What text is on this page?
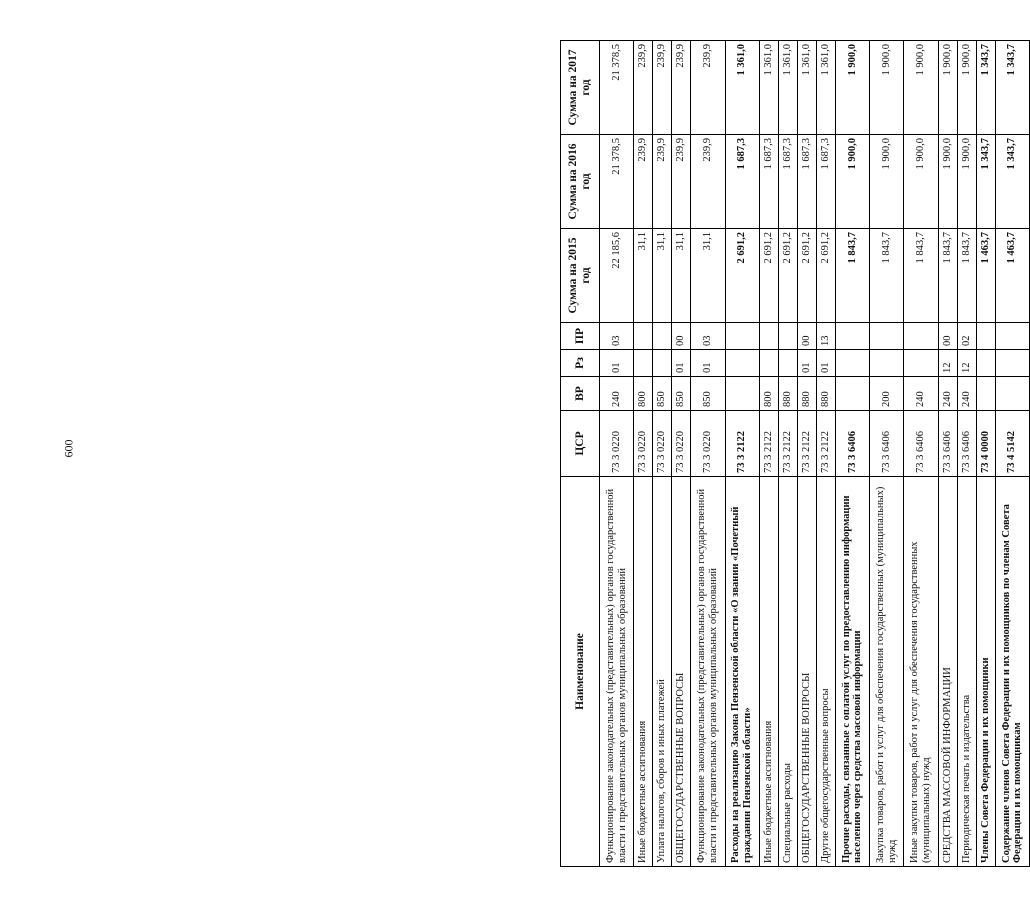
600
Наименование	ЦСР	ВР	Рз	ПР	Сумма на 2015 год	Сумма на 2016 год	Сумма на 2017 год
Функционирование законодательных (представительных) органов государственной власти и представительных органов муниципальных образований	73 3 0220	240	01	03	22 185,6	21 378,5	21 378,5
Иные бюджетные ассигнования	73 3 0220	800			31,1	239,9	239,9
Уплата налогов, сборов и иных платежей	73 3 0220	850			31,1	239,9	239,9
ОБЩЕГОСУДАРСТВЕННЫЕ ВОПРОСЫ	73 3 0220	850	01	00	31,1	239,9	239,9
Функционирование законодательных (представительных) органов государственной власти и представительных органов муниципальных образований	73 3 0220	850	01	03	31,1	239,9	239,9
Расходы на реализацию Закона Пензенской области «О звании «Почетный гражданин Пензенской области»	73 3 2122				2 691,2	1 687,3	1 361,0
Иные бюджетные ассигнования	73 3 2122	800			2 691,2	1 687,3	1 361,0
Специальные расходы	73 3 2122	880			2 691,2	1 687,3	1 361,0
ОБЩЕГОСУДАРСТВЕННЫЕ ВОПРОСЫ	73 3 2122	880	01	00	2 691,2	1 687,3	1 361,0
Другие общегосударственные вопросы	73 3 2122	880	01	13	2 691,2	1 687,3	1 361,0
Прочие расходы, связанные с оплатой услуг по предоставлению информации населению через средства массовой информации	73 3 6406				1 843,7	1 900,0	1 900,0
Закупка товаров, работ и услуг для обеспечения государственных (муниципальных) нужд	73 3 6406	200			1 843,7	1 900,0	1 900,0
Иные закупки товаров, работ и услуг для обеспечения государственных (муниципальных) нужд	73 3 6406	240			1 843,7	1 900,0	1 900,0
СРЕДСТВА МАССОВОЙ ИНФОРМАЦИИ	73 3 6406	240	12	00	1 843,7	1 900,0	1 900,0
Периодическая печать и издательства	73 3 6406	240	12	02	1 843,7	1 900,0	1 900,0
Члены Совета Федерации и их помощники	73 4 0000				1 463,7	1 343,7	1 343,7
Содержание членов Совета Федерации и их помощников по членам Совета Федерации и их помощникам	73 4 5142				1 463,7	1 343,7	1 343,7
